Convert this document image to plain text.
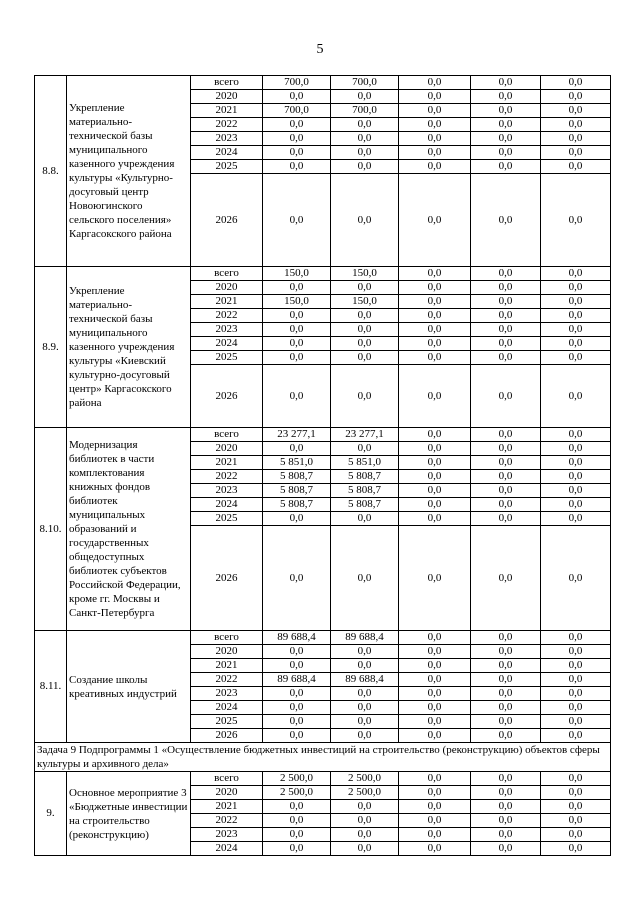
5
8.8.	Укрепление материально-технической базы муниципального казенного учреждения культуры «Культурно-досуговый центр Новоюгинского сельского поселения» Каргасокского района	всего	700,0	700,0	0,0	0,0	0,0
		2020	0,0	0,0	0,0	0,0	0,0
		2021	700,0	700,0	0,0	0,0	0,0
		2022	0,0	0,0	0,0	0,0	0,0
		2023	0,0	0,0	0,0	0,0	0,0
		2024	0,0	0,0	0,0	0,0	0,0
		2025	0,0	0,0	0,0	0,0	0,0
		2026	0,0	0,0	0,0	0,0	0,0
8.9.	Укрепление материально-технической базы муниципального казенного учреждения культуры «Киевский культурно-досуговый центр» Каргасокского района	всего	150,0	150,0	0,0	0,0	0,0
		2020	0,0	0,0	0,0	0,0	0,0
		2021	150,0	150,0	0,0	0,0	0,0
		2022	0,0	0,0	0,0	0,0	0,0
		2023	0,0	0,0	0,0	0,0	0,0
		2024	0,0	0,0	0,0	0,0	0,0
		2025	0,0	0,0	0,0	0,0	0,0
		2026	0,0	0,0	0,0	0,0	0,0
8.10.	Модернизация библиотек в части комплектования книжных фондов библиотек муниципальных образований и государственных общедоступных библиотек субъектов Российской Федерации, кроме гг. Москвы и Санкт-Петербурга	всего	23 277,1	23 277,1	0,0	0,0	0,0
		2020	0,0	0,0	0,0	0,0	0,0
		2021	5 851,0	5 851,0	0,0	0,0	0,0
		2022	5 808,7	5 808,7	0,0	0,0	0,0
		2023	5 808,7	5 808,7	0,0	0,0	0,0
		2024	5 808,7	5 808,7	0,0	0,0	0,0
		2025	0,0	0,0	0,0	0,0	0,0
		2026	0,0	0,0	0,0	0,0	0,0
8.11.	Создание школы креативных индустрий	всего	89 688,4	89 688,4	0,0	0,0	0,0
		2020	0,0	0,0	0,0	0,0	0,0
		2021	0,0	0,0	0,0	0,0	0,0
		2022	89 688,4	89 688,4	0,0	0,0	0,0
		2023	0,0	0,0	0,0	0,0	0,0
		2024	0,0	0,0	0,0	0,0	0,0
		2025	0,0	0,0	0,0	0,0	0,0
		2026	0,0	0,0	0,0	0,0	0,0
Задача 9 Подпрограммы 1 «Осуществление бюджетных инвестиций на строительство (реконструкцию) объектов сферы культуры и архивного дела»							
9.	Основное мероприятие 3 «Бюджетные инвестиции на строительство (реконструкцию)	всего	2 500,0	2 500,0	0,0	0,0	0,0
		2020	2 500,0	2 500,0	0,0	0,0	0,0
		2021	0,0	0,0	0,0	0,0	0,0
		2022	0,0	0,0	0,0	0,0	0,0
		2023	0,0	0,0	0,0	0,0	0,0
		2024	0,0	0,0	0,0	0,0	0,0
